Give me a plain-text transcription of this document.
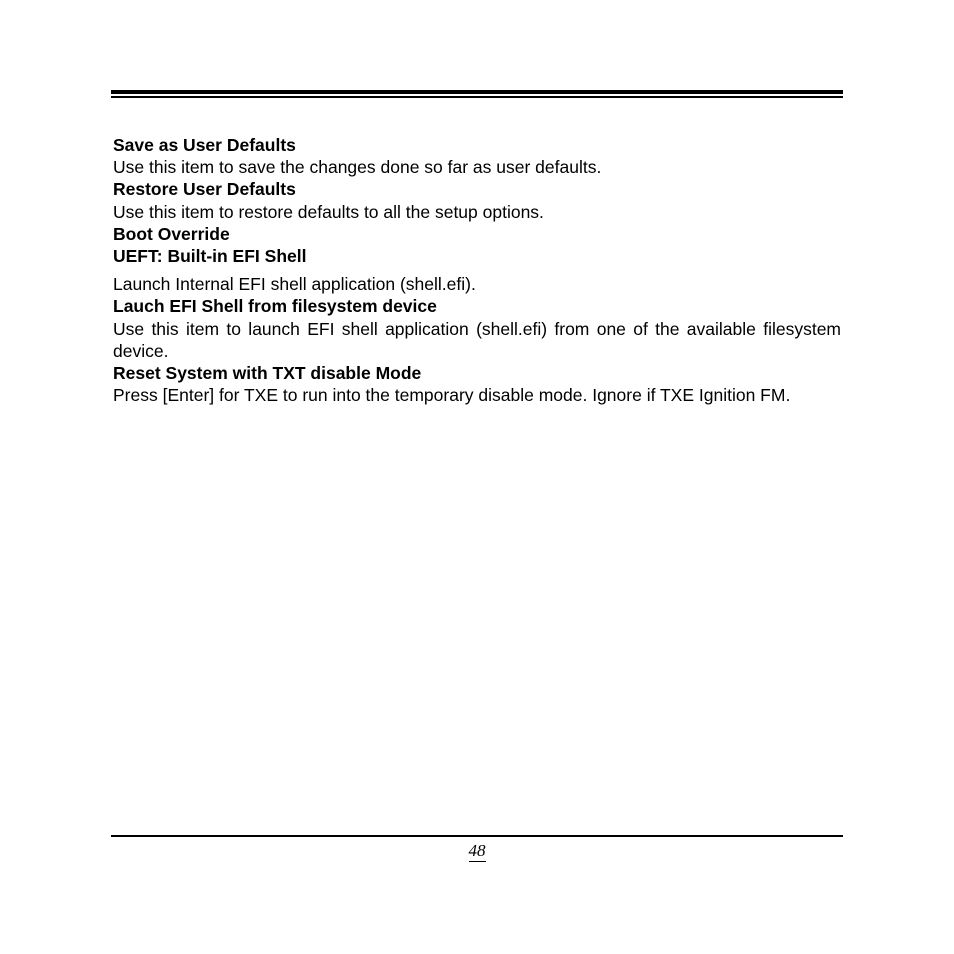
Save as User Defaults

Use this item to save the changes done so far as user defaults.

Restore User Defaults

Use this item to restore defaults to all the setup options.

Boot Override

UEFT: Built-in EFI Shell

Launch Internal EFI shell application (shell.efi).

Lauch EFI Shell from filesystem device

Use this item to launch EFI shell application (shell.efi) from one of the available filesystem device.

Reset System with TXT disable Mode

Press [Enter] for TXE to run into the temporary disable mode. Ignore if TXE Ignition FM.

48
